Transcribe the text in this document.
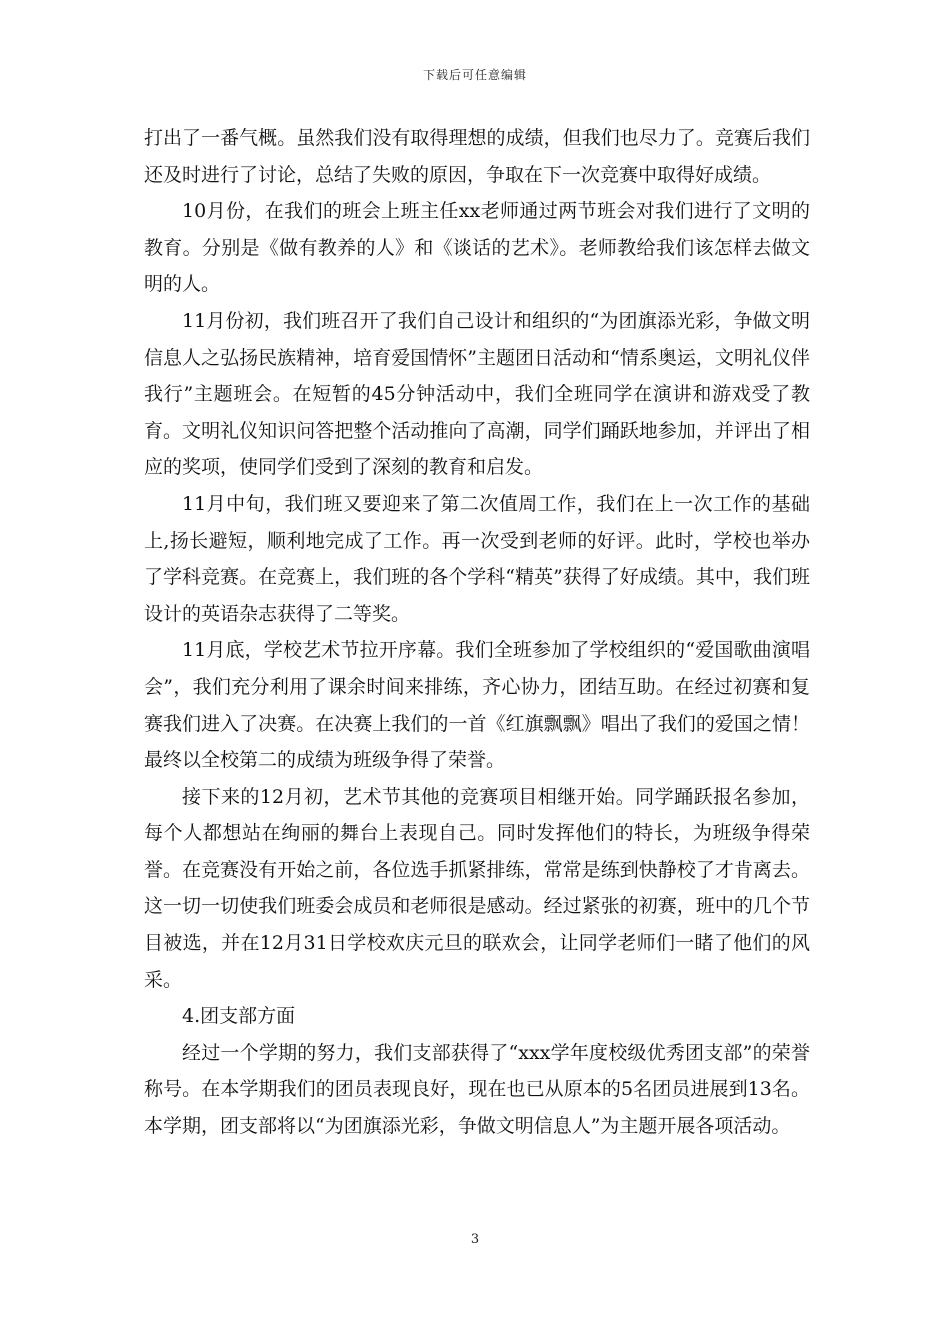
下载后可任意编辑

打出了一番气概。虽然我们没有取得理想的成绩，但我们也尽力了。竞赛后我们还及时进行了讨论，总结了失败的原因，争取在下一次竞赛中取得好成绩。

10月份，在我们的班会上班主任xx老师通过两节班会对我们进行了文明的教育。分别是《做有教养的人》和《谈话的艺术》。老师教给我们该怎样去做文明的人。

11月份初，我们班召开了我们自己设计和组织的“为团旗添光彩，争做文明信息人之弘扬民族精神，培育爱国情怀”主题团日活动和“情系奥运，文明礼仪伴我行”主题班会。在短暂的45分钟活动中，我们全班同学在演讲和游戏受了教育。文明礼仪知识问答把整个活动推向了高潮，同学们踊跃地参加，并评出了相应的奖项，使同学们受到了深刻的教育和启发。

11月中旬，我们班又要迎来了第二次值周工作，我们在上一次工作的基础上,扬长避短，顺利地完成了工作。再一次受到老师的好评。此时，学校也举办了学科竞赛。在竞赛上，我们班的各个学科“精英”获得了好成绩。其中，我们班设计的英语杂志获得了二等奖。

11月底，学校艺术节拉开序幕。我们全班参加了学校组织的“爱国歌曲演唱会”，我们充分利用了课余时间来排练，齐心协力，团结互助。在经过初赛和复赛我们进入了决赛。在决赛上我们的一首《红旗飘飘》唱出了我们的爱国之情！最终以全校第二的成绩为班级争得了荣誉。

接下来的12月初，艺术节其他的竞赛项目相继开始。同学踊跃报名参加，每个人都想站在绚丽的舞台上表现自己。同时发挥他们的特长，为班级争得荣誉。在竞赛没有开始之前，各位选手抓紧排练，常常是练到快静校了才肯离去。这一切一切使我们班委会成员和老师很是感动。经过紧张的初赛，班中的几个节目被选，并在12月31日学校欢庆元旦的联欢会，让同学老师们一睹了他们的风采。

4.团支部方面

经过一个学期的努力，我们支部获得了“xxx学年度校级优秀团支部”的荣誉称号。在本学期我们的团员表现良好，现在也已从原本的5名团员进展到13名。本学期，团支部将以“为团旗添光彩，争做文明信息人”为主题开展各项活动。

3
